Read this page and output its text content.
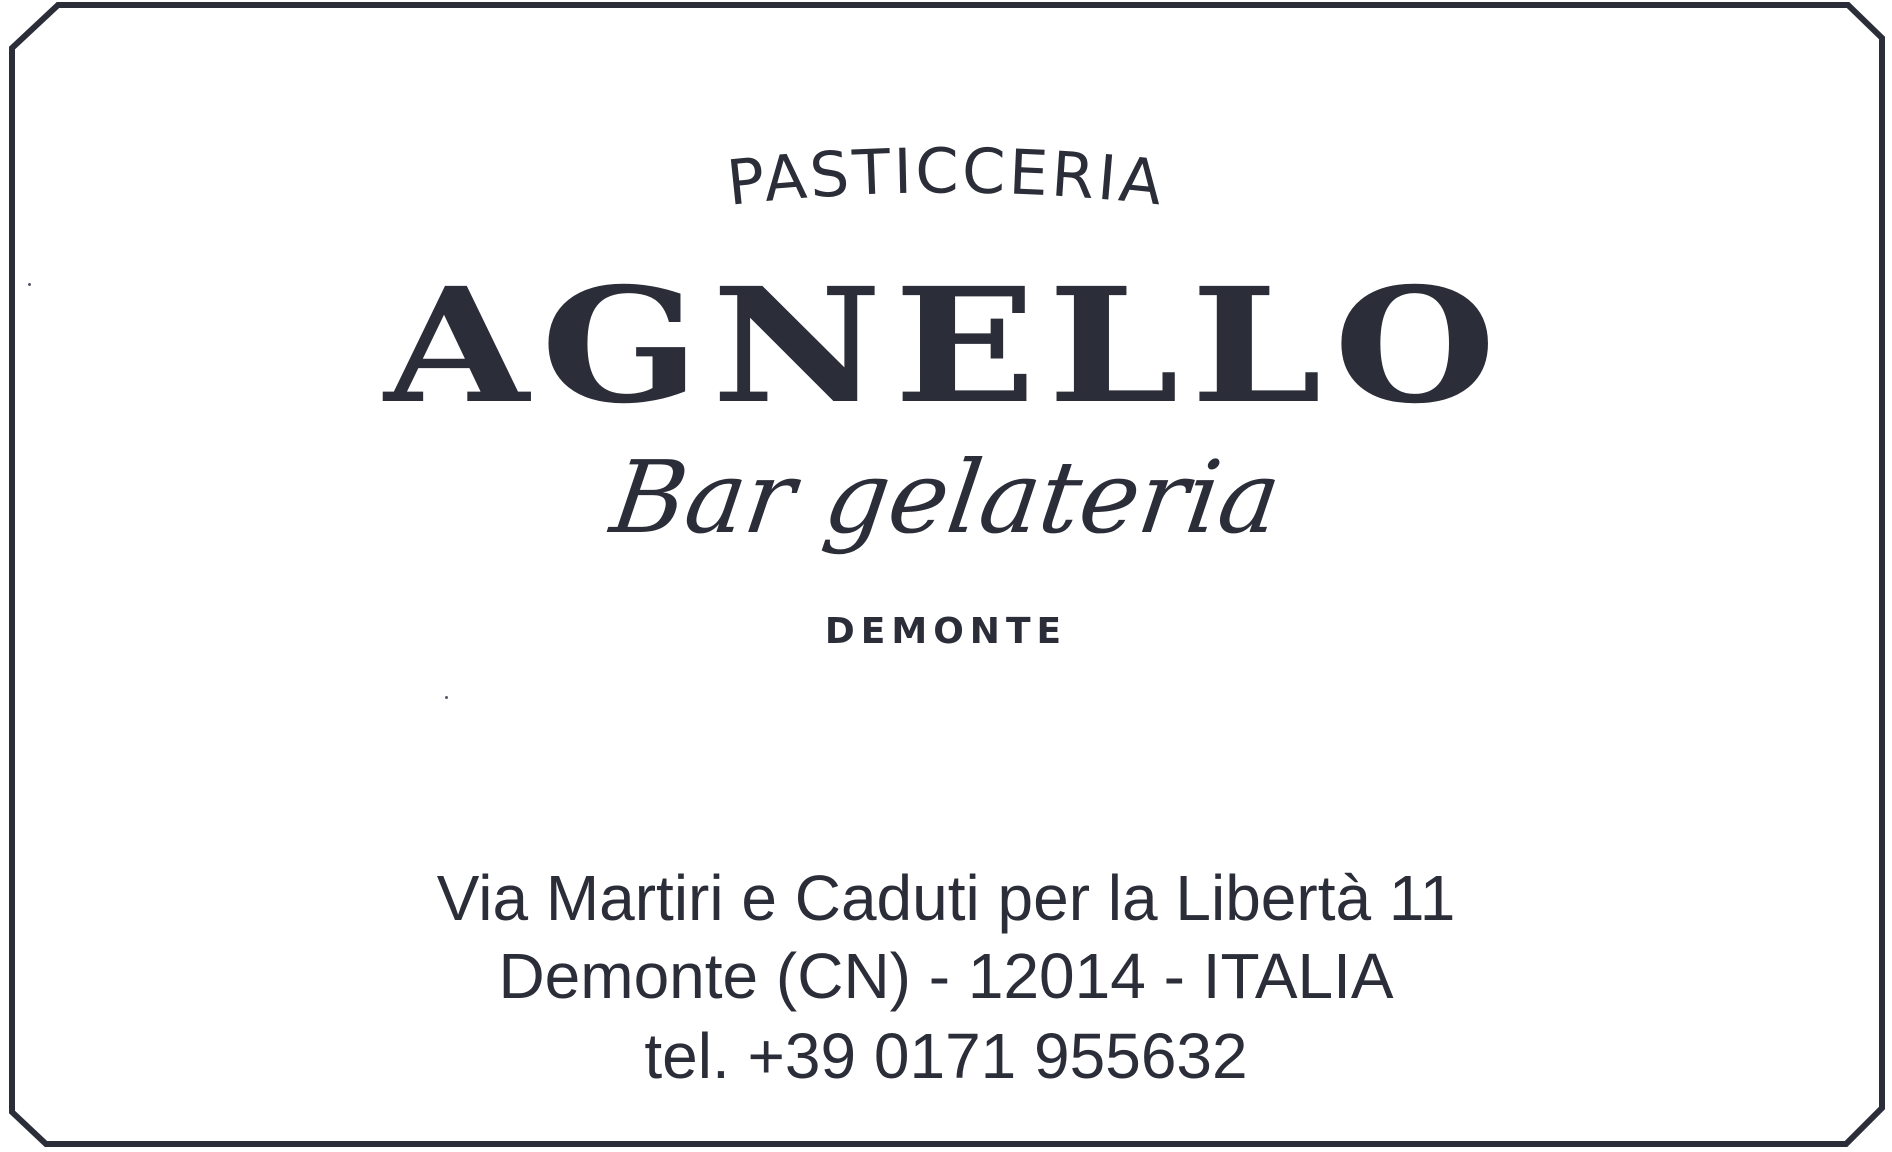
PASTICCERIA
AGNELLO
Bar gelateria
DEMONTE
Via Martiri e Caduti per la Libertà 11
Demonte (CN) - 12014 - ITALIA
tel. +39 0171 955632
